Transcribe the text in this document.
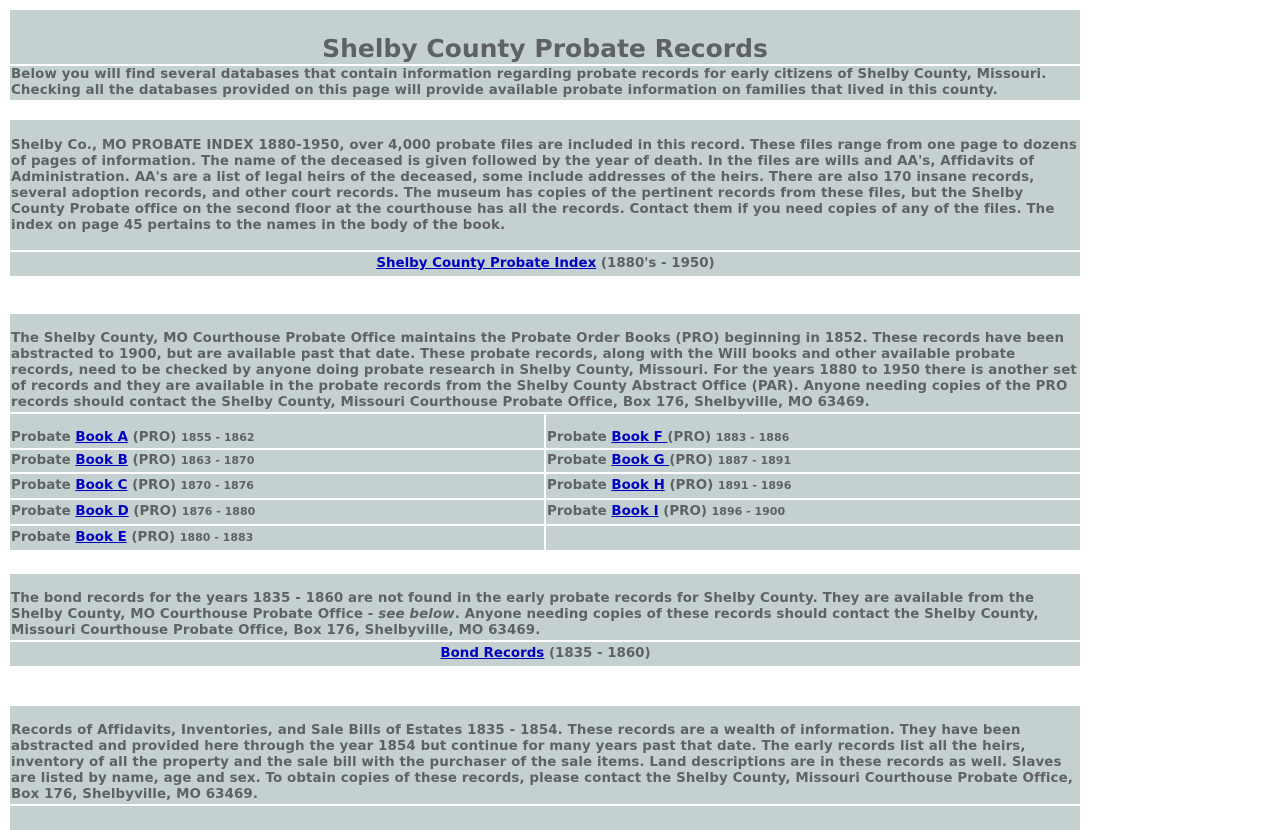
Shelby County Probate Records
Below you will find several databases that contain information regarding probate records for early citizens of Shelby County, Missouri. Checking all the databases provided on this page will provide available probate information on families that lived in this county.
Shelby Co., MO PROBATE INDEX 1880-1950, over 4,000 probate files are included in this record. These files range from one page to dozens of pages of information. The name of the deceased is given followed by the year of death. In the files are wills and AA's, Affidavits of Administration. AA's are a list of legal heirs of the deceased, some include addresses of the heirs. There are also 170 insane records, several adoption records, and other court records. The museum has copies of the pertinent records from these files, but the Shelby County Probate office on the second floor at the courthouse has all the records. Contact them if you need copies of any of the files. The index on page 45 pertains to the names in the body of the book.
Shelby County Probate Index (1880's - 1950)
The Shelby County, MO Courthouse Probate Office maintains the Probate Order Books (PRO) beginning in 1852. These records have been abstracted to 1900, but are available past that date. These probate records, along with the Will books and other available probate records, need to be checked by anyone doing probate research in Shelby County, Missouri. For the years 1880 to 1950 there is another set of records and they are available in the probate records from the Shelby County Abstract Office (PAR). Anyone needing copies of the PRO records should contact the Shelby County, Missouri Courthouse Probate Office, Box 176, Shelbyville, MO 63469.
Probate Book A (PRO) 1855 - 1862	Probate Book F (PRO) 1883 - 1886
Probate Book B (PRO) 1863 - 1870	Probate Book G (PRO) 1887 - 1891
Probate Book C (PRO) 1870 - 1876	Probate Book H (PRO) 1891 - 1896
Probate Book D (PRO) 1876 - 1880	Probate Book I (PRO) 1896 - 1900
Probate Book E (PRO) 1880 - 1883
The bond records for the years 1835 - 1860 are not found in the early probate records for Shelby County. They are available from the Shelby County, MO Courthouse Probate Office - see below. Anyone needing copies of these records should contact the Shelby County, Missouri Courthouse Probate Office, Box 176, Shelbyville, MO 63469.
Bond Records (1835 - 1860)
Records of Affidavits, Inventories, and Sale Bills of Estates 1835 - 1854. These records are a wealth of information. They have been abstracted and provided here through the year 1854 but continue for many years past that date. The early records list all the heirs, inventory of all the property and the sale bill with the purchaser of the sale items. Land descriptions are in these records as well. Slaves are listed by name, age and sex. To obtain copies of these records, please contact the Shelby County, Missouri Courthouse Probate Office, Box 176, Shelbyville, MO 63469.
